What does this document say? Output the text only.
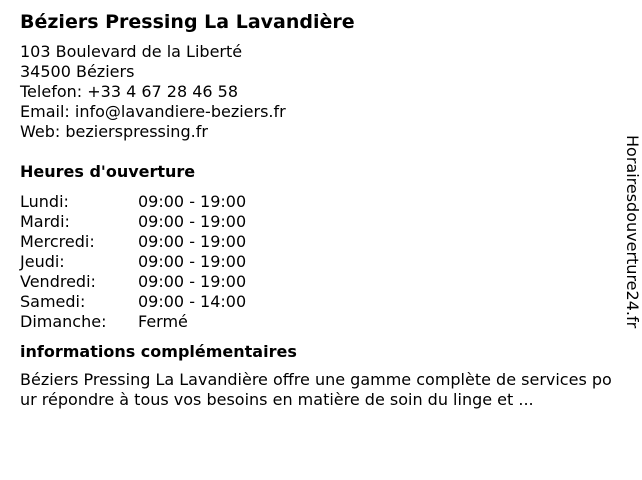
Béziers Pressing La Lavandière
103 Boulevard de la Liberté
34500 Béziers
Telefon: +33 4 67 28 46 58
Email: info@lavandiere-beziers.fr
Web: bezierspressing.fr
Heures d'ouverture
Lundi:	09:00 - 19:00
Mardi:	09:00 - 19:00
Mercredi:	09:00 - 19:00
Jeudi:	09:00 - 19:00
Vendredi:	09:00 - 19:00
Samedi:	09:00 - 14:00
Dimanche:	Fermé
informations complémentaires
Béziers Pressing La Lavandière offre une gamme complète de services pour répondre à tous vos besoins en matière de soin du linge et ...
Horairesdouverture24.fr
